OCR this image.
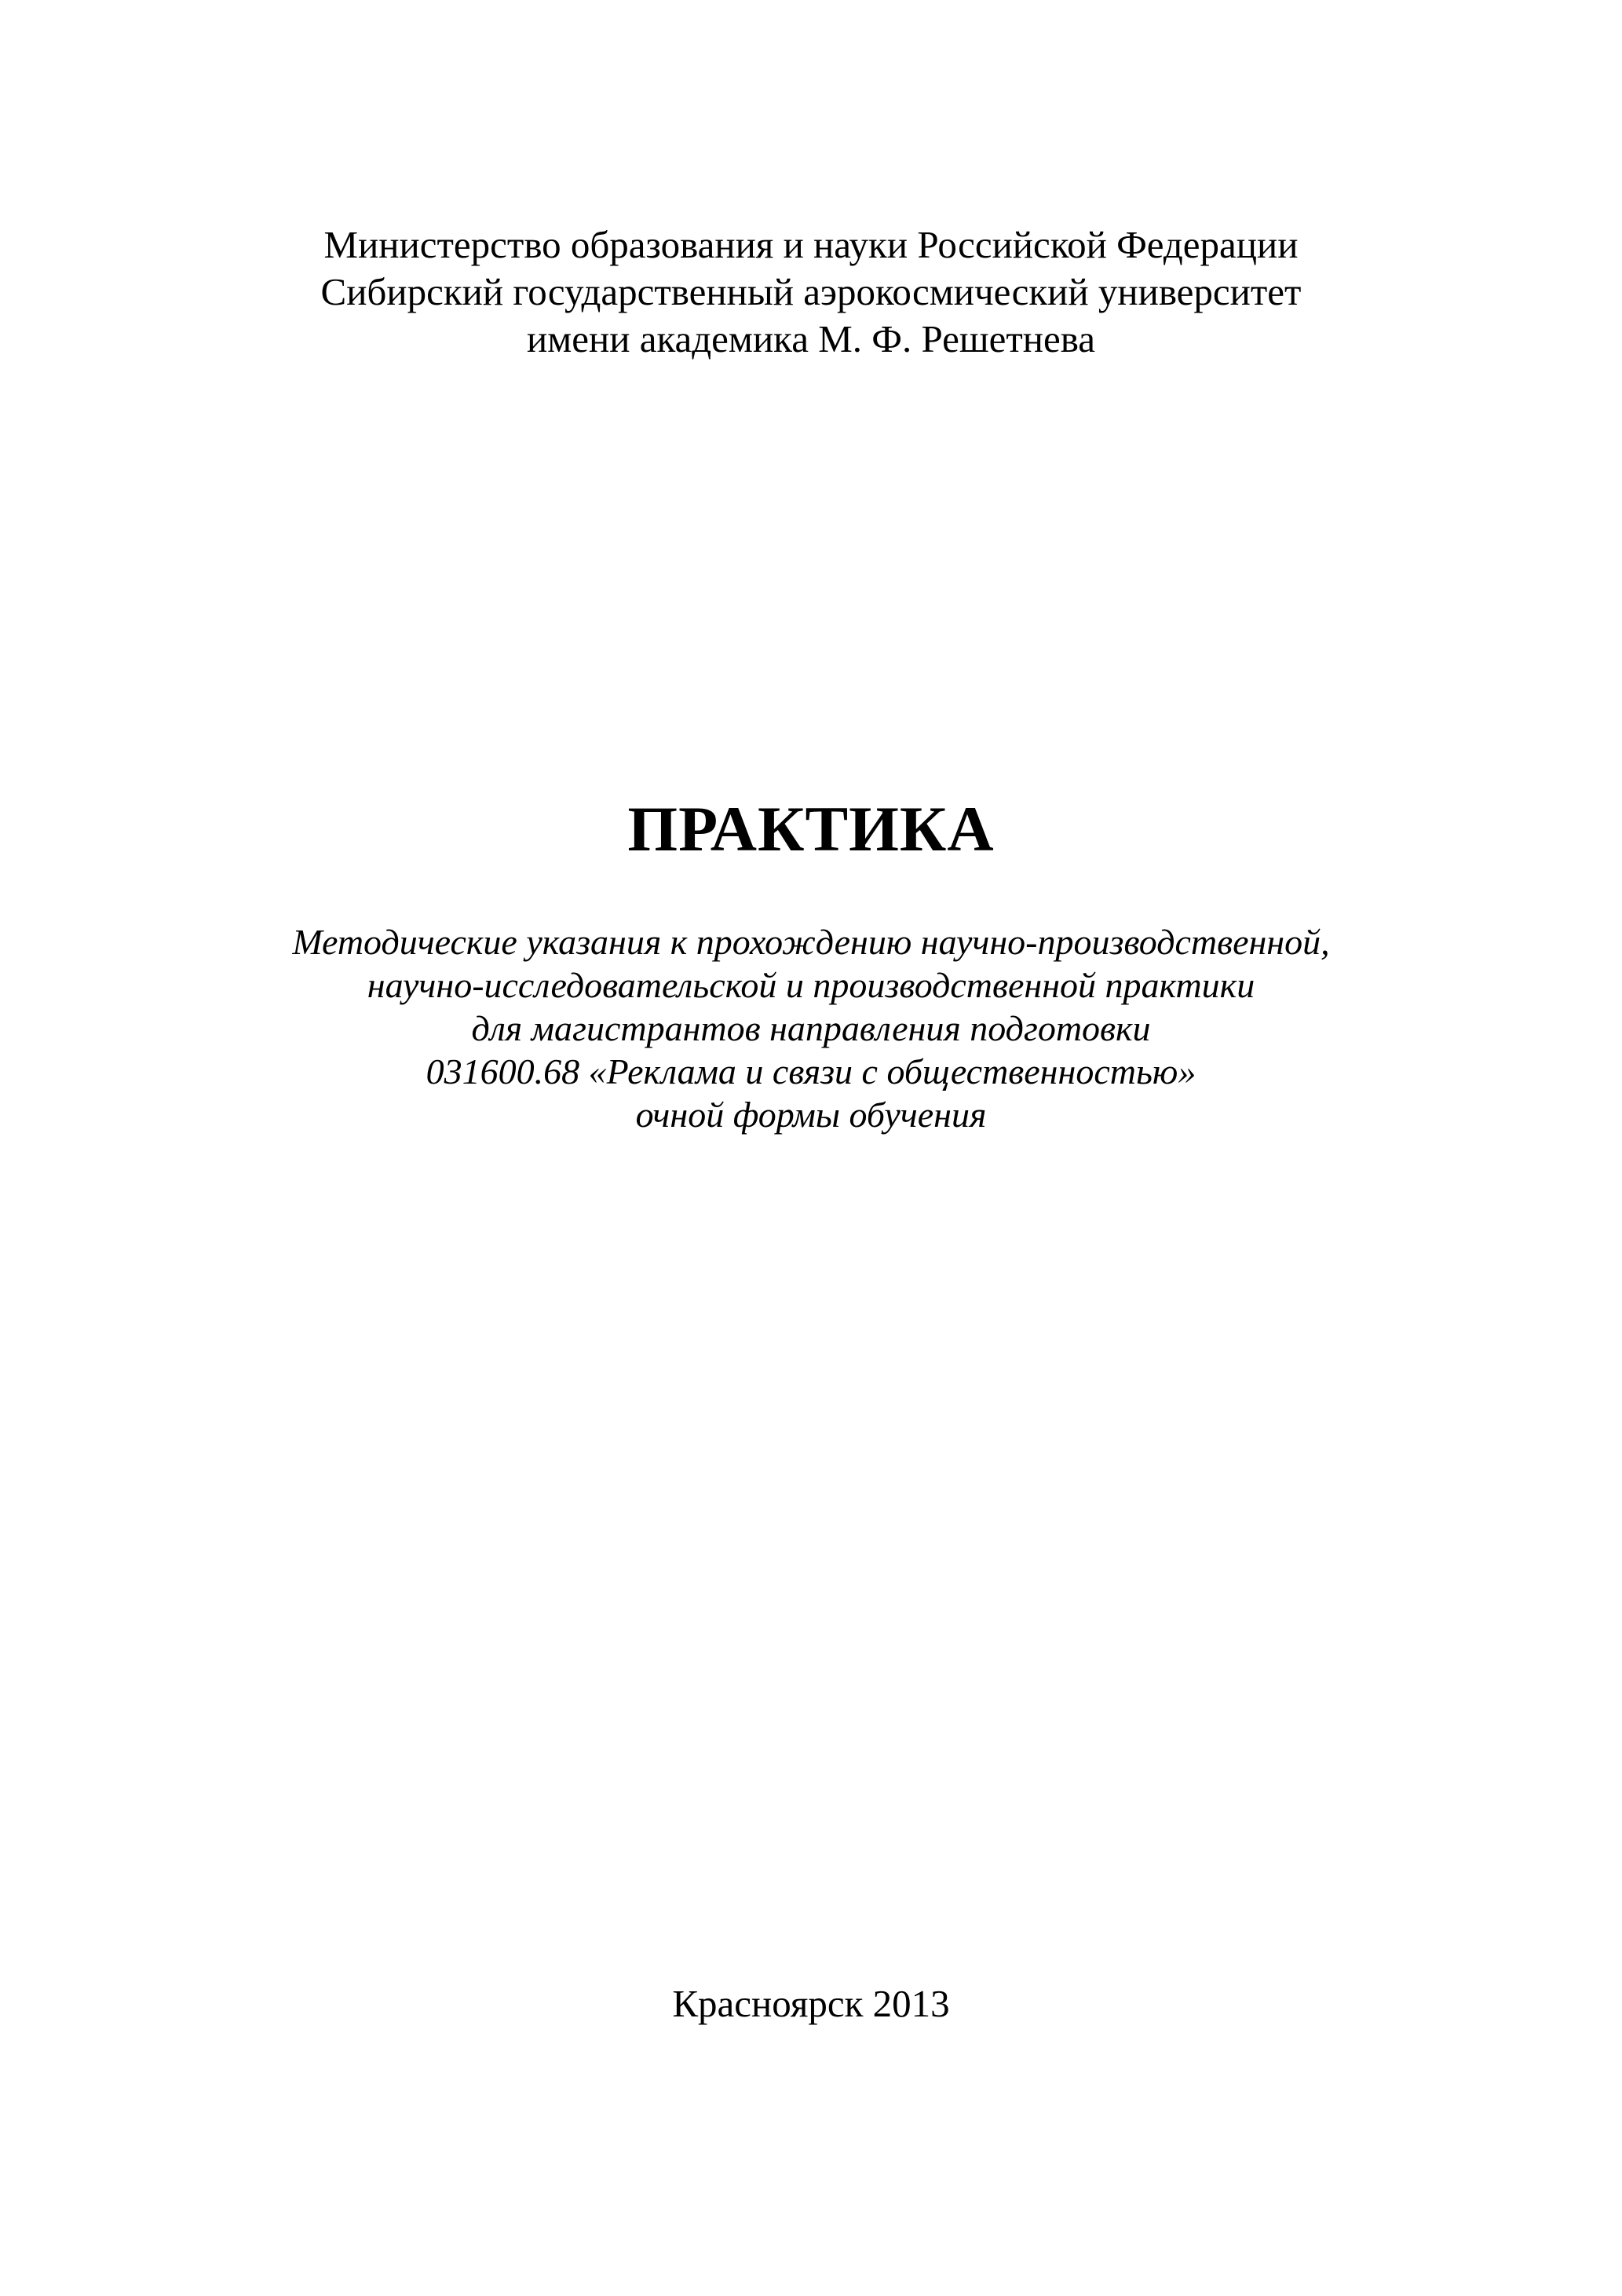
Министерство образования и науки Российской Федерации
Сибирский государственный аэрокосмический университет
имени академика М. Ф. Решетнева
ПРАКТИКА
Методические указания к прохождению научно-производственной,
научно-исследовательской и производственной практики
для магистрантов направления подготовки
031600.68 «Реклама и связи с общественностью»
очной формы обучения
Красноярск 2013
